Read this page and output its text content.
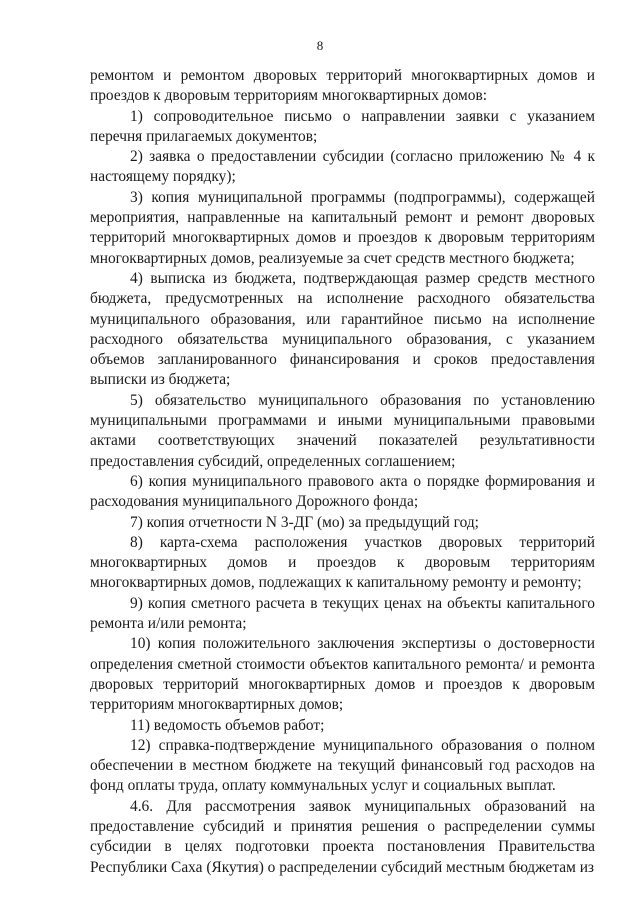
8

ремонтом и ремонтом дворовых территорий многоквартирных домов и проездов к дворовым территориям многоквартирных домов:

1) сопроводительное письмо о направлении заявки с указанием перечня прилагаемых документов;

2) заявка о предоставлении субсидии (согласно приложению № 4 к настоящему порядку);

3) копия муниципальной программы (подпрограммы), содержащей мероприятия, направленные на капитальный ремонт и ремонт дворовых территорий многоквартирных домов и проездов к дворовым территориям многоквартирных домов, реализуемые за счет средств местного бюджета;

4) выписка из бюджета, подтверждающая размер средств местного бюджета, предусмотренных на исполнение расходного обязательства муниципального образования, или гарантийное письмо на исполнение расходного обязательства муниципального образования, с указанием объемов запланированного финансирования и сроков предоставления выписки из бюджета;

5) обязательство муниципального образования по установлению муниципальными программами и иными муниципальными правовыми актами соответствующих значений показателей результативности предоставления субсидий, определенных соглашением;

6) копия муниципального правового акта о порядке формирования и расходования муниципального Дорожного фонда;

7) копия отчетности N 3-ДГ (мо) за предыдущий год;

8) карта-схема расположения участков дворовых территорий многоквартирных домов и проездов к дворовым территориям многоквартирных домов, подлежащих к капитальному ремонту и ремонту;

9) копия сметного расчета в текущих ценах на объекты капитального ремонта и/или ремонта;

10) копия положительного заключения экспертизы о достоверности определения сметной стоимости объектов капитального ремонта/ и ремонта дворовых территорий многоквартирных домов и проездов к дворовым территориям многоквартирных домов;

11) ведомость объемов работ;

12) справка-подтверждение муниципального образования о полном обеспечении в местном бюджете на текущий финансовый год расходов на фонд оплаты труда, оплату коммунальных услуг и социальных выплат.

4.6. Для рассмотрения заявок муниципальных образований на предоставление субсидий и принятия решения о распределении суммы субсидии в целях подготовки проекта постановления Правительства Республики Саха (Якутия) о распределении субсидий местным бюджетам из
